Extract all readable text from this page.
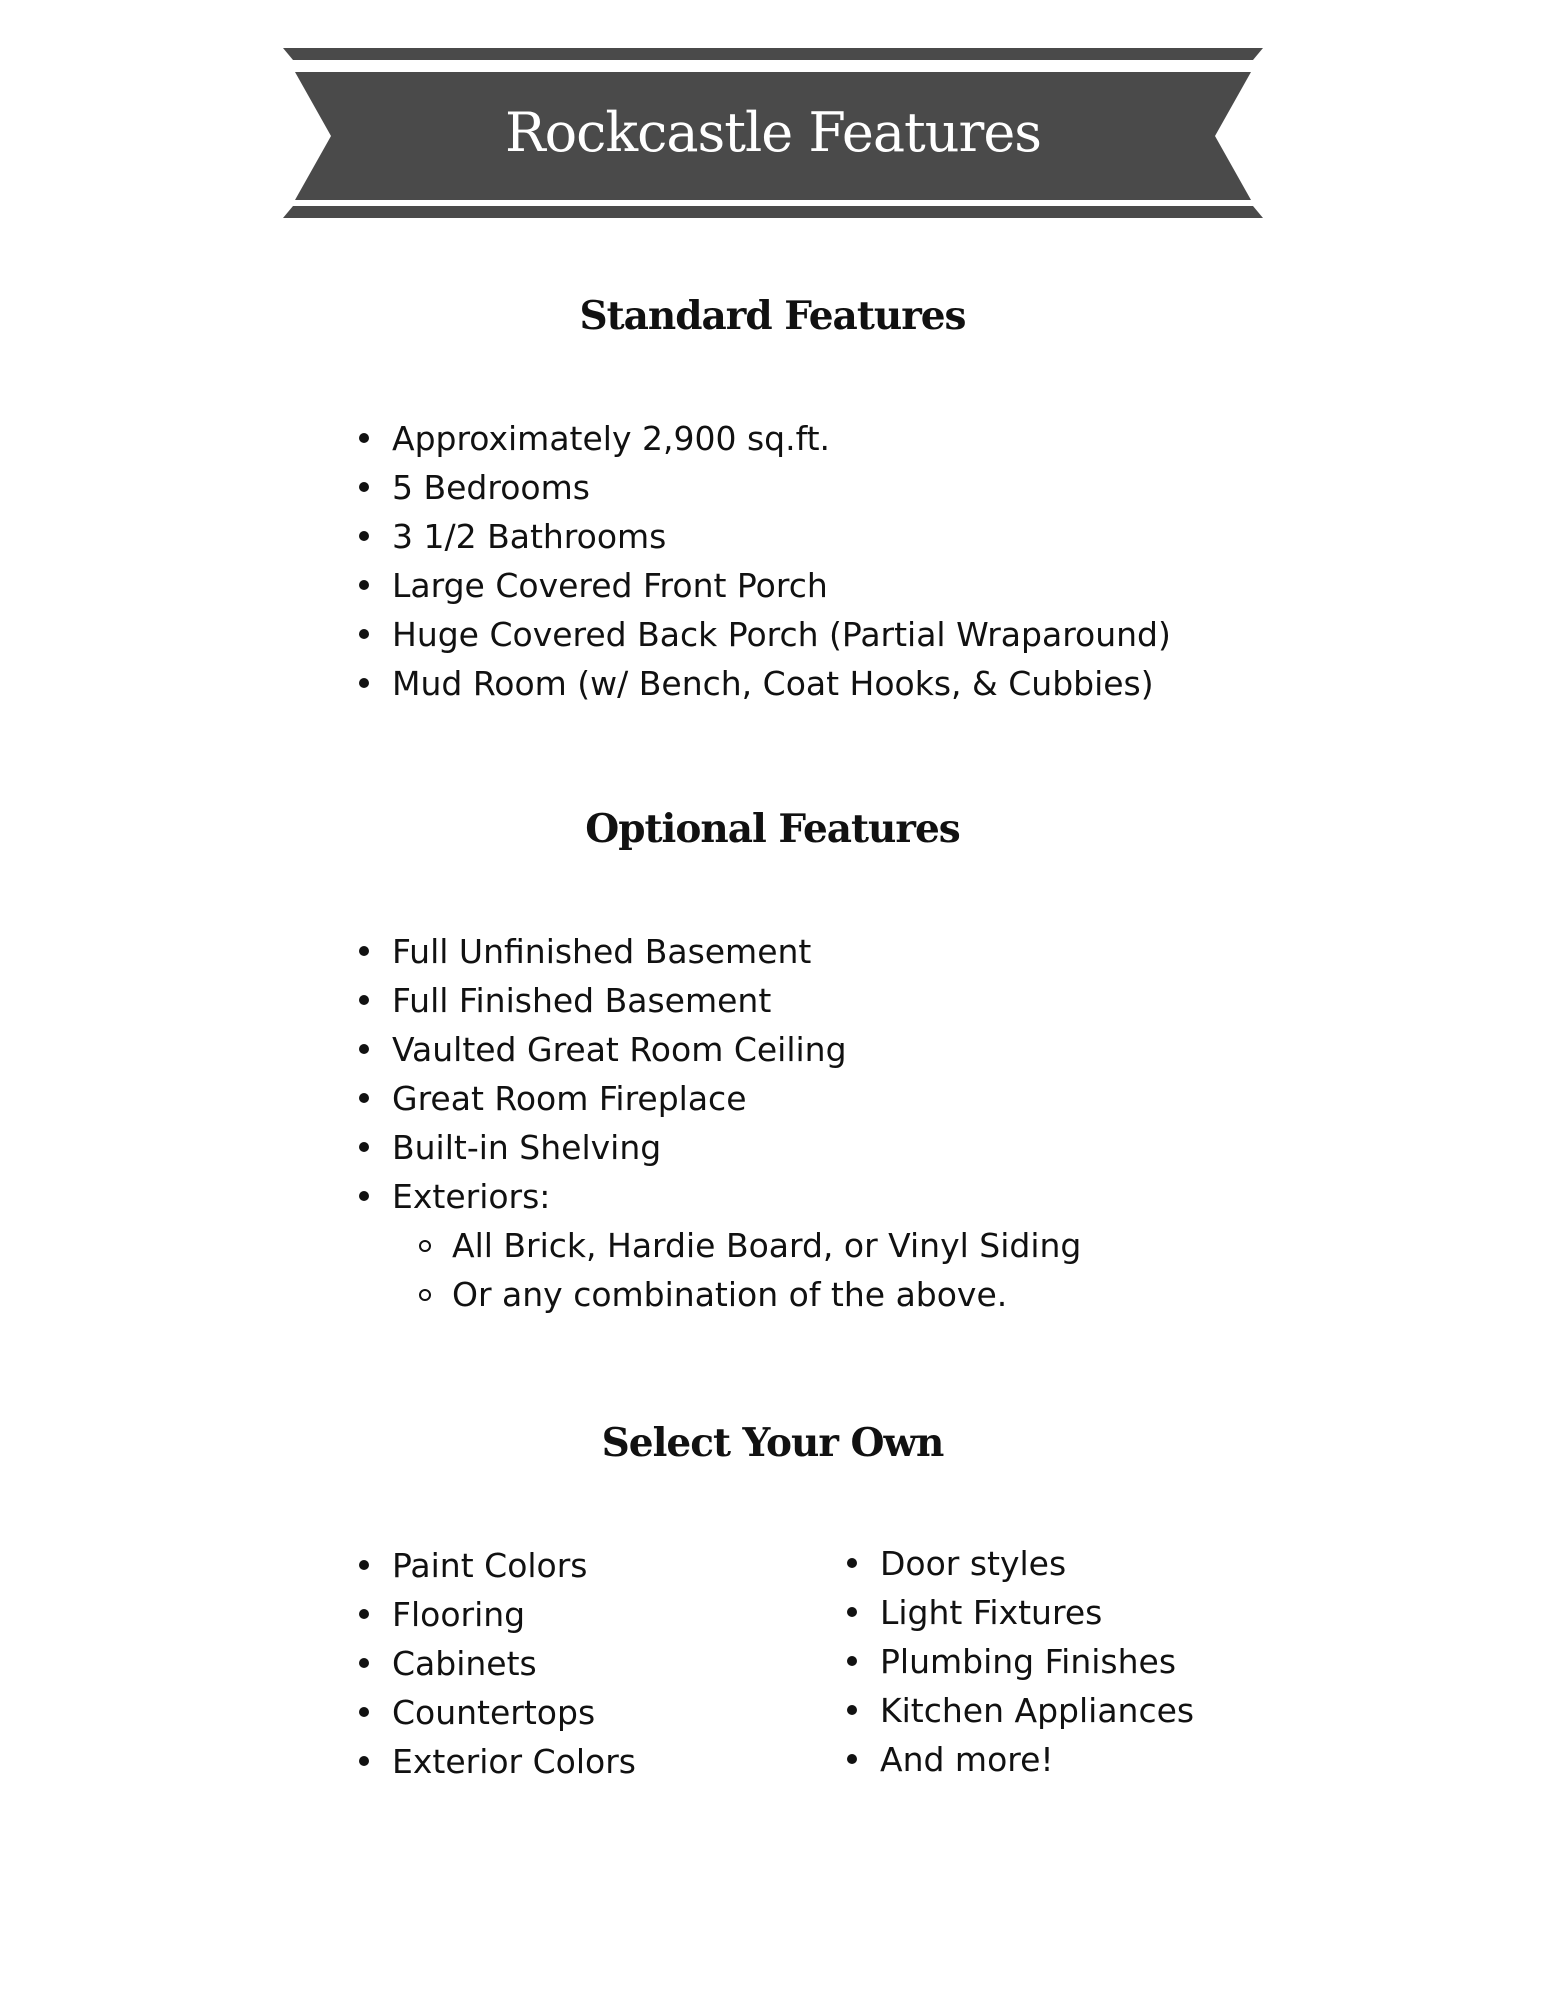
Rockcastle Features
Standard Features
Approximately 2,900 sq.ft.
5 Bedrooms
3 1/2 Bathrooms
Large Covered Front Porch
Huge Covered Back Porch (Partial Wraparound)
Mud Room (w/ Bench, Coat Hooks, & Cubbies)
Optional Features
Full Unfinished Basement
Full Finished Basement
Vaulted Great Room Ceiling
Great Room Fireplace
Built-in Shelving
Exteriors:
All Brick, Hardie Board, or Vinyl Siding
Or any combination of the above.
Select Your Own
Paint Colors
Flooring
Cabinets
Countertops
Exterior Colors
Door styles
Light Fixtures
Plumbing Finishes
Kitchen Appliances
And more!
